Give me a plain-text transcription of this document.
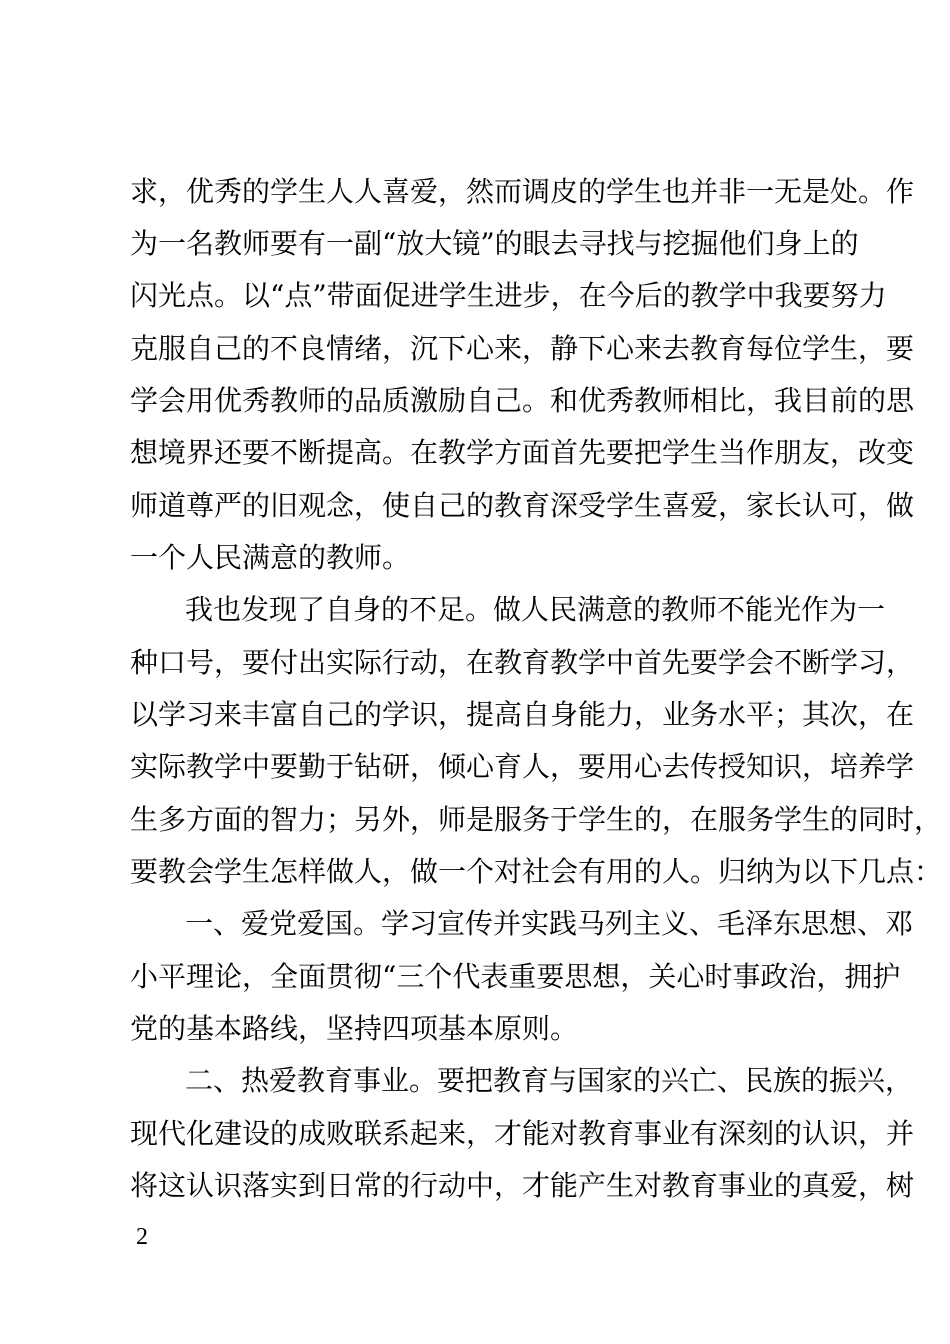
求，优秀的学生人人喜爱，然而调皮的学生也并非一无是处。作
为一名教师要有一副“放大镜”的眼去寻找与挖掘他们身上的
闪光点。以“点”带面促进学生进步，在今后的教学中我要努力
克服自己的不良情绪，沉下心来，静下心来去教育每位学生，要
学会用优秀教师的品质激励自己。和优秀教师相比，我目前的思
想境界还要不断提高。在教学方面首先要把学生当作朋友，改变
师道尊严的旧观念，使自己的教育深受学生喜爱，家长认可，做
一个人民满意的教师。
我也发现了自身的不足。做人民满意的教师不能光作为一
种口号，要付出实际行动，在教育教学中首先要学会不断学习，
以学习来丰富自己的学识，提高自身能力，业务水平；其次，在
实际教学中要勤于钻研，倾心育人，要用心去传授知识，培养学
生多方面的智力；另外，师是服务于学生的，在服务学生的同时，
要教会学生怎样做人，做一个对社会有用的人。归纳为以下几点：
一、爱党爱国。学习宣传并实践马列主义、毛泽东思想、邓
小平理论，全面贯彻“三个代表重要思想，关心时事政治，拥护
党的基本路线，坚持四项基本原则。
二、热爱教育事业。要把教育与国家的兴亡、民族的振兴，
现代化建设的成败联系起来，才能对教育事业有深刻的认识，并
将这认识落实到日常的行动中，才能产生对教育事业的真爱，树
2
